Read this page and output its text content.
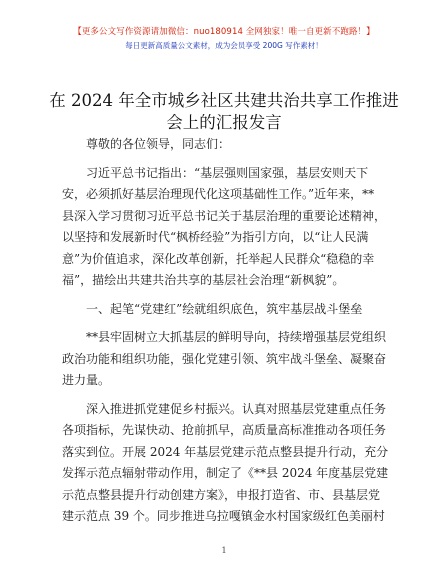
【更多公文写作资源请加微信：nuo180914 全网独家！唯一自更新不跑路！】
每日更新高质量公文素材，成为会员享受 200G 写作素材！
在 2024 年全市城乡社区共建共治共享工作推进
会上的汇报发言

尊敬的各位领导，同志们：

习近平总书记指出：“基层强则国家强，基层安则天下
安，必须抓好基层治理现代化这项基础性工作。”近年来，**
县深入学习贯彻习近平总书记关于基层治理的重要论述精神，
以坚持和发展新时代“枫桥经验”为指引方向，以“让人民满
意”为价值追求，深化改革创新，托举起人民群众“稳稳的幸
福”，描绘出共建共治共享的基层社会治理“新枫貌”。

一、起笔“党建红”绘就组织底色，筑牢基层战斗堡垒

**县牢固树立大抓基层的鲜明导向，持续增强基层党组织
政治功能和组织功能，强化党建引领、筑牢战斗堡垒、凝聚奋
进力量。

深入推进抓党建促乡村振兴。认真对照基层党建重点任务
各项指标，先谋快动、抢前抓早，高质量高标准推动各项任务
落实到位。开展 2024 年基层党建示范点整县提升行动，充分
发挥示范点辐射带动作用，制定了《**县 2024 年度基层党建
示范点整县提升行动创建方案》，申报打造省、市、县基层党
建示范点 39 个。同步推进乌拉嘎镇金水村国家级红色美丽村

1
